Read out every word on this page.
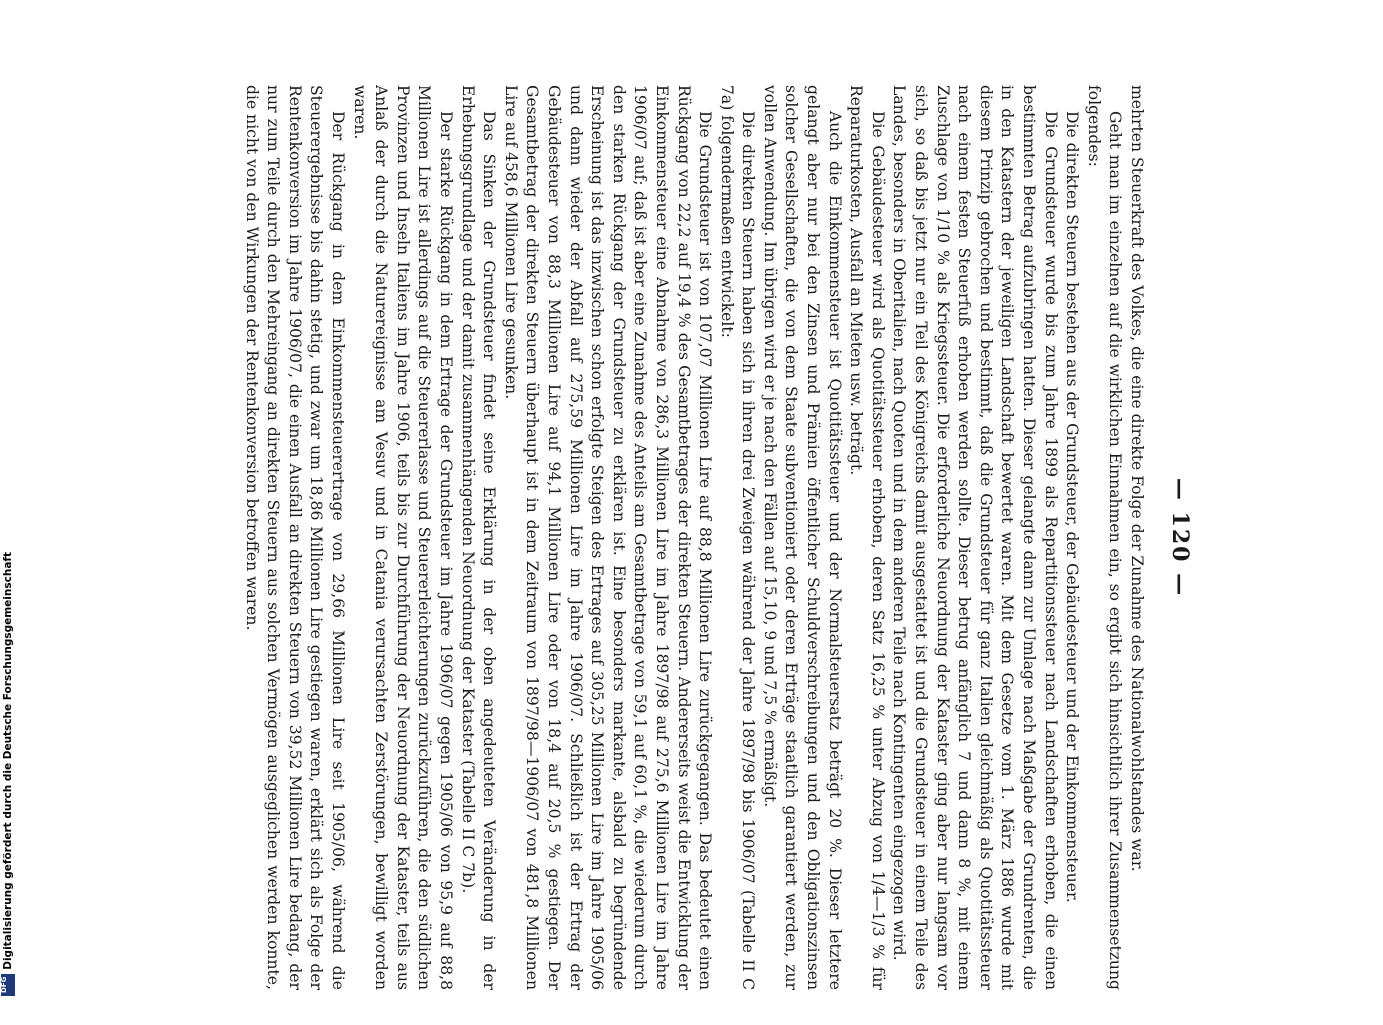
— 120 —

mehrten Steuerkraft des Volkes, die eine direkte Folge der Zunahme des Nationalwohlstandes war.

Geht man im einzelnen auf die wirklichen Einnahmen ein, so ergibt sich hinsichtlich ihrer Zusammensetzung folgendes:

Die direkten Steuern bestehen aus der Grundsteuer, der Gebäudesteuer und der Einkommensteuer.

Die Grundsteuer wurde bis zum Jahre 1899 als Repartitionssteuer nach Landschaften erhoben, die einen bestimmten Betrag aufzubringen hatten. Dieser gelangte dann zur Umlage nach Maßgabe der Grundrenten, die in den Katastern der jeweiligen Landschaft bewertet waren. Mit dem Gesetze vom 1. März 1886 wurde mit diesem Prinzip gebrochen und bestimmt, daß die Grundsteuer für ganz Italien gleichmäßig als Quotitätssteuer nach einem festen Steuerfuß erhoben werden sollte. Dieser betrug anfänglich 7 und dann 8 %, mit einem Zuschlage von 1/10 % als Kriegssteuer. Die erforderliche Neuordnung der Kataster ging aber nur langsam vor sich, so daß bis jetzt nur ein Teil des Königreichs damit ausgestattet ist und die Grundsteuer in einem Teile des Landes, besonders in Oberitalien, nach Quoten und in dem anderen Teile nach Kontingenten eingezogen wird.

Die Gebäudesteuer wird als Quotitätssteuer erhoben, deren Satz 16,25 % unter Abzug von 1/4—1/3 % für Reparaturkosten, Ausfall an Mieten usw. beträgt.

Auch die Einkommensteuer ist Quotitätssteuer und der Normalsteuersatz beträgt 20 %. Dieser letztere gelangt aber nur bei den Zinsen und Prämien öffentlicher Schuldverschreibungen und den Obligationszinsen solcher Gesellschaften, die von dem Staate subventioniert oder deren Erträge staatlich garantiert werden, zur vollen Anwendung. Im übrigen wird er je nach den Fällen auf 15,10, 9 und 7,5 % ermäßigt.

Die direkten Steuern haben sich in ihren drei Zweigen während der Jahre 1897/98 bis 1906/07 (Tabelle II C 7a) folgendermaßen entwickelt:

Die Grundsteuer ist von 107,07 Millionen Lire auf 88,8 Millionen Lire zurückgegangen. Das bedeutet einen Rückgang von 22,2 auf 19,4 % des Gesamtbetrages der direkten Steuern. Andererseits weist die Entwicklung der Einkommensteuer eine Abnahme von 286,3 Millionen Lire im Jahre 1897/98 auf 275,6 Millionen Lire im Jahre 1906/07 auf; daß ist aber eine Zunahme des Anteils am Gesamtbetrage von 59,1 auf 60,1 %, die wiederum durch den starken Rückgang der Grundsteuer zu erklären ist. Eine besonders markante, alsbald zu begründende Erscheinung ist das inzwischen schon erfolgte Steigen des Ertrages auf 305,25 Millionen Lire im Jahre 1905/06 und dann wieder der Abfall auf 275,59 Millionen Lire im Jahre 1906/07. Schließlich ist der Ertrag der Gebäudesteuer von 88,3 Millionen Lire auf 94,1 Millionen Lire oder von 18,4 auf 20,5 % gestiegen. Der Gesamtbetrag der direkten Steuern überhaupt ist in dem Zeitraum von 1897/98—1906/07 von 481,8 Millionen Lire auf 458,6 Millionen Lire gesunken.

Das Sinken der Grundsteuer findet seine Erklärung in der oben angedeuteten Veränderung in der Erhebungsgrundlage und der damit zusammenhängenden Neuordnung der Kataster (Tabelle II C 7b).

Der starke Rückgang in dem Ertrage der Grundsteuer im Jahre 1906/07 gegen 1905/06 von 95,9 auf 88,8 Millionen Lire ist allerdings auf die Steuererlasse und Steuererleichterungen zurückzuführen, die den südlichen Provinzen und Inseln Italiens im Jahre 1906, teils bis zur Durchführung der Neuordnung der Kataster, teils aus Anlaß der durch die Naturereignisse am Vesuv und in Catania verursachten Zerstörungen, bewilligt worden waren.

Der Rückgang in dem Einkommensteuerertrage von 29,66 Millionen Lire seit 1905/06, während die Steuerergebnisse bis dahin stetig, und zwar um 18,86 Millionen Lire gestiegen waren, erklärt sich als Folge der Rentenkonversion im Jahre 1906/07, die einen Ausfall an direkten Steuern von 39,52 Millionen Lire bedang, der nur zum Teile durch den Mehreingang an direkten Steuern aus solchen Vermögen ausgeglichen werden konnte, die nicht von den Wirkungen der Rentenkonversion betroffen waren.

Digitalisierung gefördert durch die Deutsche Forschungsgemeinschaft
DFG
